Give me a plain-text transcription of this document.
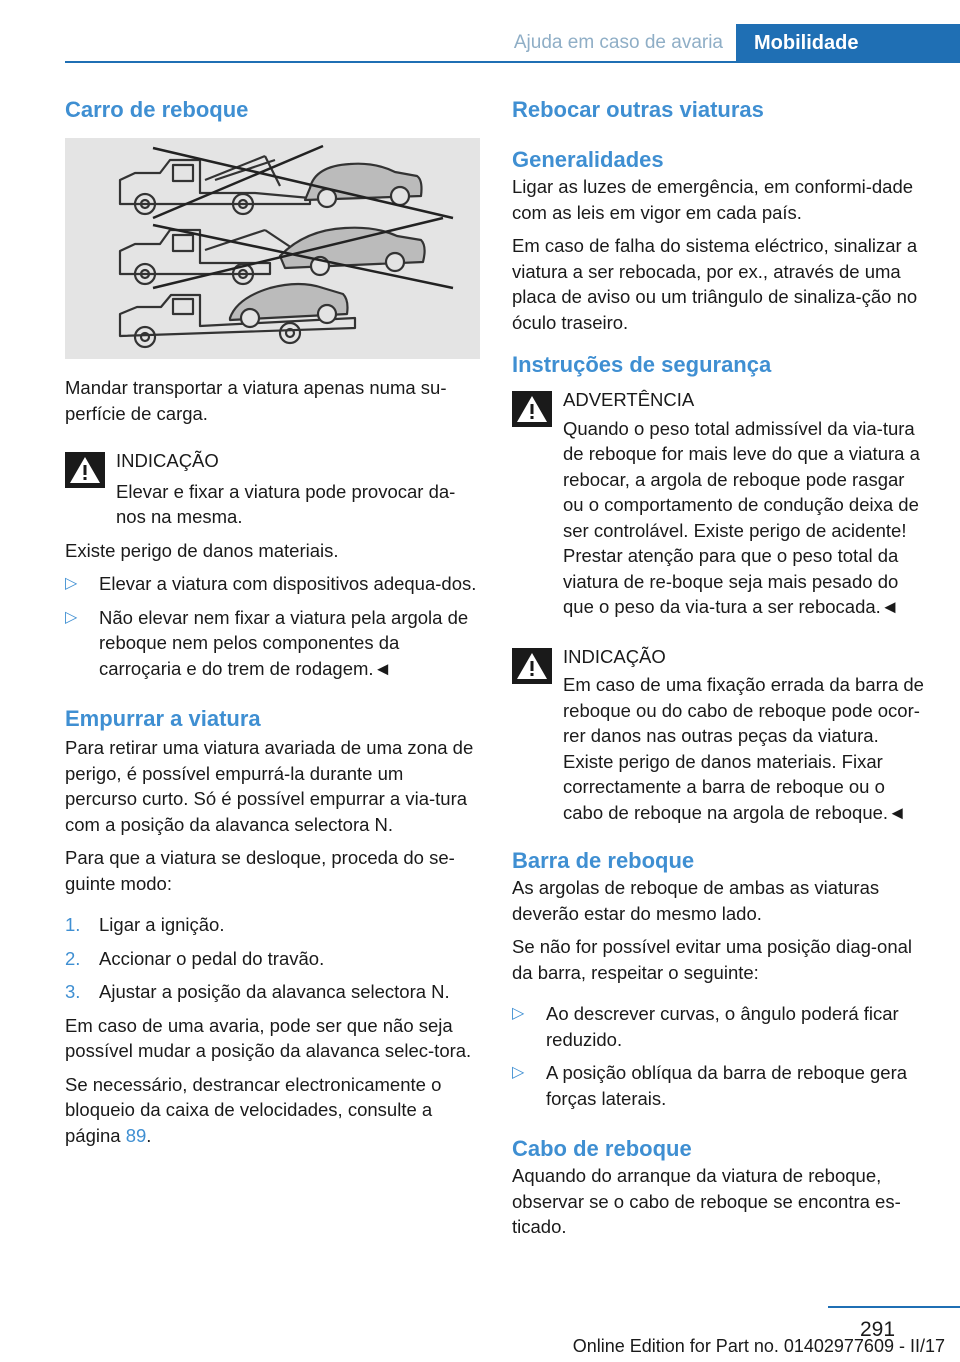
Ajuda em caso de avaria	Mobilidade
Carro de reboque

Mandar transportar a viatura apenas numa su-perfície de carga.

INDICAÇÃO
Elevar e fixar a viatura pode provocar da-nos na mesma.

Existe perigo de danos materiais.

▷ Elevar a viatura com dispositivos adequa-dos.
▷ Não elevar nem fixar a viatura pela argola de reboque nem pelos componentes da carroçaria e do trem de rodagem.◄
Empurrar a viatura

Para retirar uma viatura avariada de uma zona de perigo, é possível empurrá-la durante um percurso curto. Só é possível empurrar a via-tura com a posição da alavanca selectora N.

Para que a viatura se desloque, proceda do se-guinte modo:

1. Ligar a ignição.
2. Accionar o pedal do travão.
3. Ajustar a posição da alavanca selectora N.

Em caso de uma avaria, pode ser que não seja possível mudar a posição da alavanca selec-tora.

Se necessário, destrancar electronicamente o bloqueio da caixa de velocidades, consulte a página 89.

Rebocar outras viaturas
Generalidades

Ligar as luzes de emergência, em conformi-dade com as leis em vigor em cada país.

Em caso de falha do sistema eléctrico, sinalizar a viatura a ser rebocada, por ex., através de uma placa de aviso ou um triângulo de sinaliza-ção no óculo traseiro.

Instruções de segurança
ADVERTÊNCIA
Quando o peso total admissível da via-tura de reboque for mais leve do que a viatura a rebocar, a argola de reboque pode rasgar ou o comportamento de condução deixa de ser controlável. Existe perigo de acidente! Prestar atenção para que o peso total da viatura de re-boque seja mais pesado do que o peso da via-tura a ser rebocada.◄
INDICAÇÃO
Em caso de uma fixação errada da barra de reboque ou do cabo de reboque pode ocor-rer danos nas outras peças da viatura. Existe perigo de danos materiais. Fixar correctamente a barra de reboque ou o cabo de reboque na argola de reboque.◄
Barra de reboque

As argolas de reboque de ambas as viaturas deverão estar do mesmo lado.

Se não for possível evitar uma posição diag-onal da barra, respeitar o seguinte:

▷ Ao descrever curvas, o ângulo poderá ficar reduzido.
▷ A posição oblíqua da barra de reboque gera forças laterais.
Cabo de reboque

Aquando do arranque da viatura de reboque, observar se o cabo de reboque se encontra es-ticado.

291
Online Edition for Part no. 01402977609 - II/17
